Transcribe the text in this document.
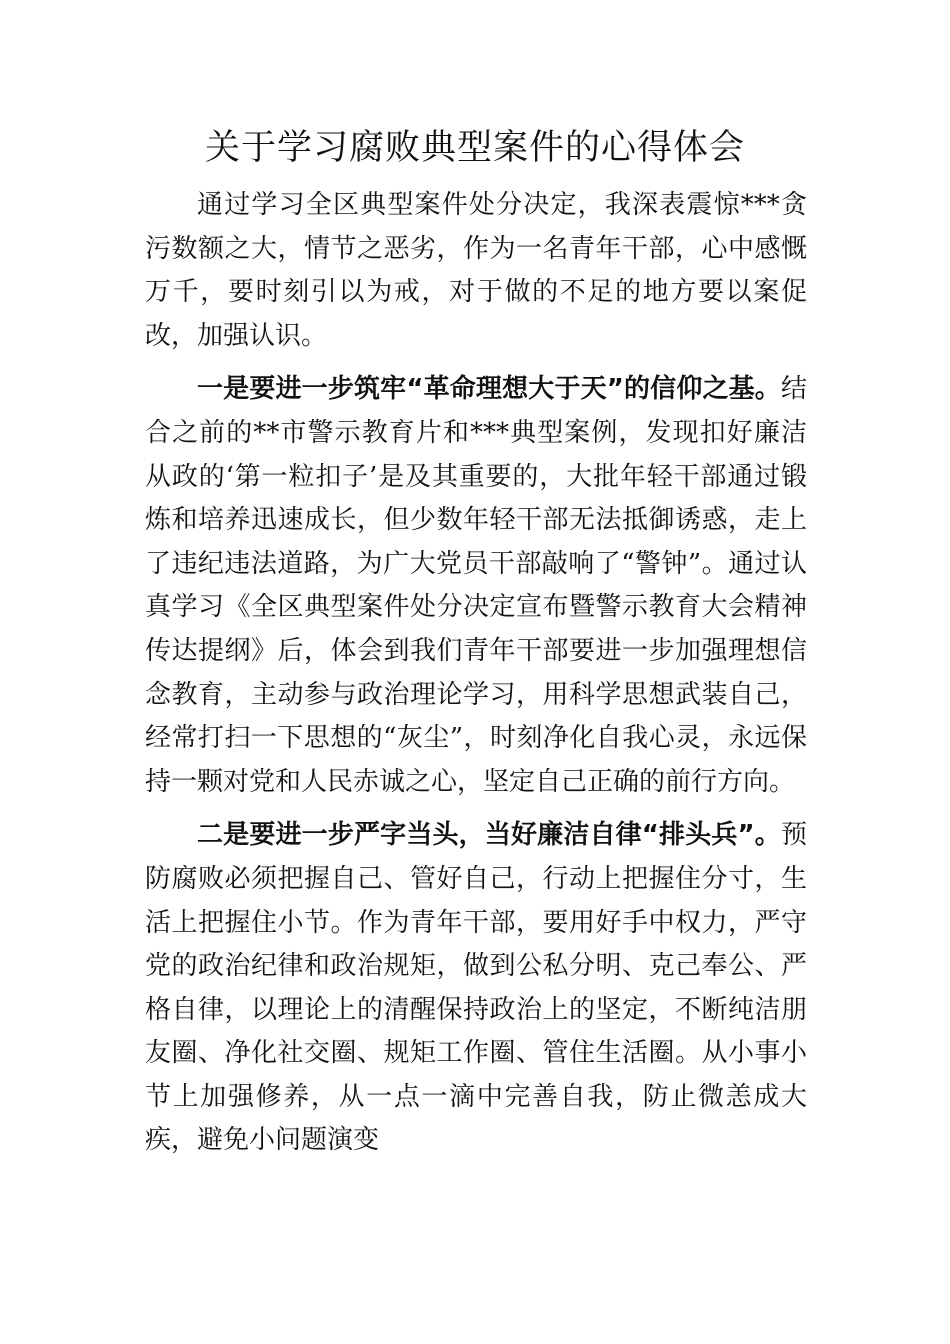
关于学习腐败典型案件的心得体会

通过学习全区典型案件处分决定，我深表震惊***贪污数额之大，情节之恶劣，作为一名青年干部，心中感慨万千，要时刻引以为戒，对于做的不足的地方要以案促改，加强认识。

一是要进一步筑牢“革命理想大于天”的信仰之基。结合之前的**市警示教育片和***典型案例，发现扣好廉洁从政的‘第一粒扣子’是及其重要的，大批年轻干部通过锻炼和培养迅速成长，但少数年轻干部无法抵御诱惑，走上了违纪违法道路，为广大党员干部敲响了“警钟”。通过认真学习《全区典型案件处分决定宣布暨警示教育大会精神传达提纲》后，体会到我们青年干部要进一步加强理想信念教育，主动参与政治理论学习，用科学思想武装自己，经常打扫一下思想的“灰尘”，时刻净化自我心灵，永远保持一颗对党和人民赤诚之心，坚定自己正确的前行方向。

二是要进一步严字当头，当好廉洁自律“排头兵”。预防腐败必须把握自己、管好自己，行动上把握住分寸，生活上把握住小节。作为青年干部，要用好手中权力，严守党的政治纪律和政治规矩，做到公私分明、克己奉公、严格自律，以理论上的清醒保持政治上的坚定，不断纯洁朋友圈、净化社交圈、规矩工作圈、管住生活圈。从小事小节上加强修养，从一点一滴中完善自我，防止微恙成大疾，避免小问题演变
